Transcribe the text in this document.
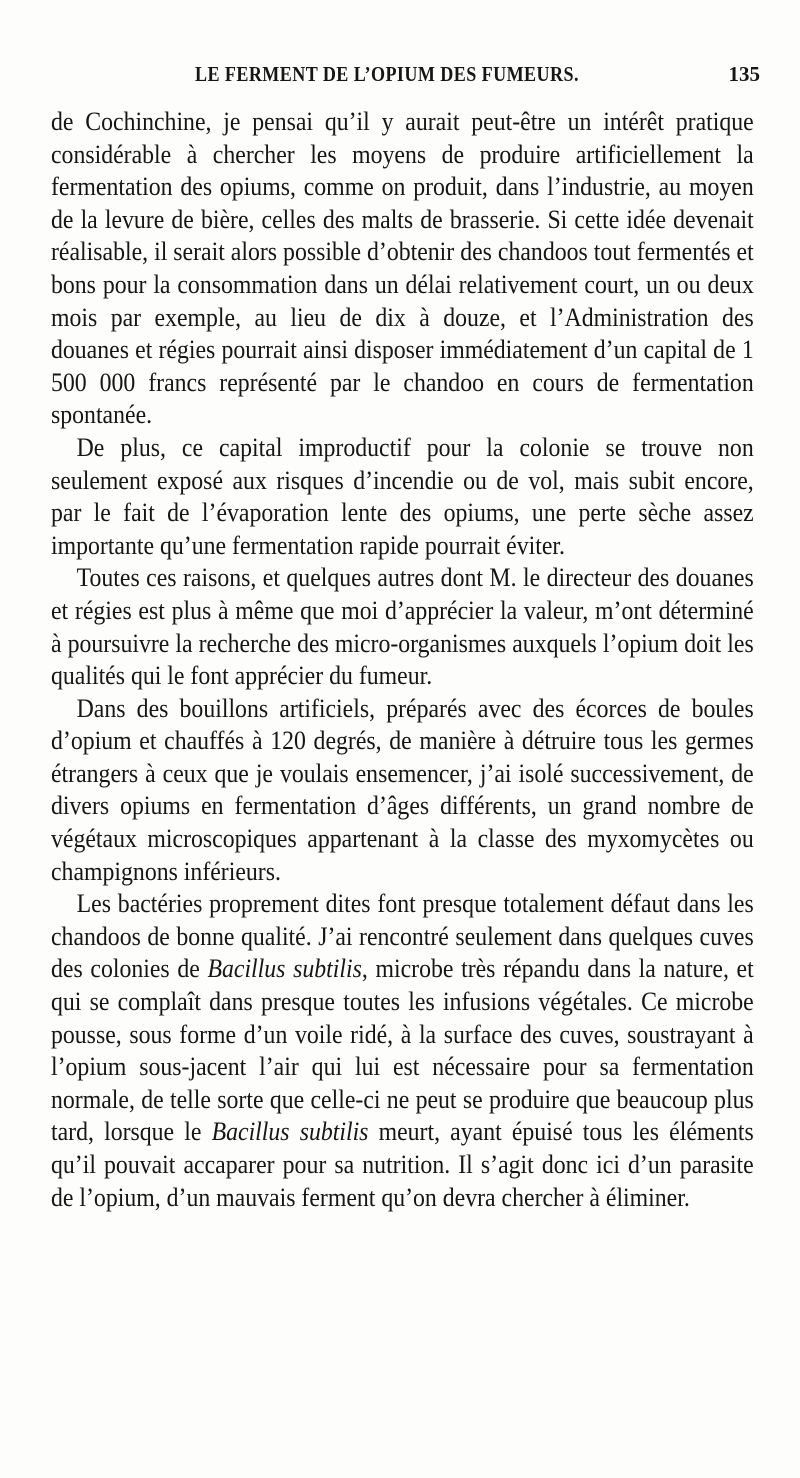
LE FERMENT DE L’OPIUM DES FUMEURS.	135

de Cochinchine, je pensai qu’il y aurait peut-être un intérêt pratique considérable à chercher les moyens de produire artificiellement la fermentation des opiums, comme on produit, dans l’industrie, au moyen de la levure de bière, celles des malts de brasserie. Si cette idée devenait réalisable, il serait alors possible d’obtenir des chandoos tout fermentés et bons pour la consommation dans un délai relativement court, un ou deux mois par exemple, au lieu de dix à douze, et l’Administration des douanes et régies pourrait ainsi disposer immédiatement d’un capital de 1 500 000 francs représenté par le chandoo en cours de fermentation spontanée.

De plus, ce capital improductif pour la colonie se trouve non seulement exposé aux risques d’incendie ou de vol, mais subit encore, par le fait de l’évaporation lente des opiums, une perte sèche assez importante qu’une fermentation rapide pourrait éviter.

Toutes ces raisons, et quelques autres dont M. le directeur des douanes et régies est plus à même que moi d’apprécier la valeur, m’ont déterminé à poursuivre la recherche des micro-organismes auxquels l’opium doit les qualités qui le font apprécier du fumeur.

Dans des bouillons artificiels, préparés avec des écorces de boules d’opium et chauffés à 120 degrés, de manière à détruire tous les germes étrangers à ceux que je voulais ensemencer, j’ai isolé successivement, de divers opiums en fermentation d’âges différents, un grand nombre de végétaux microscopiques appartenant à la classe des myxomycètes ou champignons inférieurs.

Les bactéries proprement dites font presque totalement défaut dans les chandoos de bonne qualité. J’ai rencontré seulement dans quelques cuves des colonies de Bacillus subtilis, microbe très répandu dans la nature, et qui se complaît dans presque toutes les infusions végétales. Ce microbe pousse, sous forme d’un voile ridé, à la surface des cuves, soustrayant à l’opium sous-jacent l’air qui lui est nécessaire pour sa fermentation normale, de telle sorte que celle-ci ne peut se produire que beaucoup plus tard, lorsque le Bacillus subtilis meurt, ayant épuisé tous les éléments qu’il pouvait accaparer pour sa nutrition. Il s’agit donc ici d’un parasite de l’opium, d’un mauvais ferment qu’on devra chercher à éliminer.
